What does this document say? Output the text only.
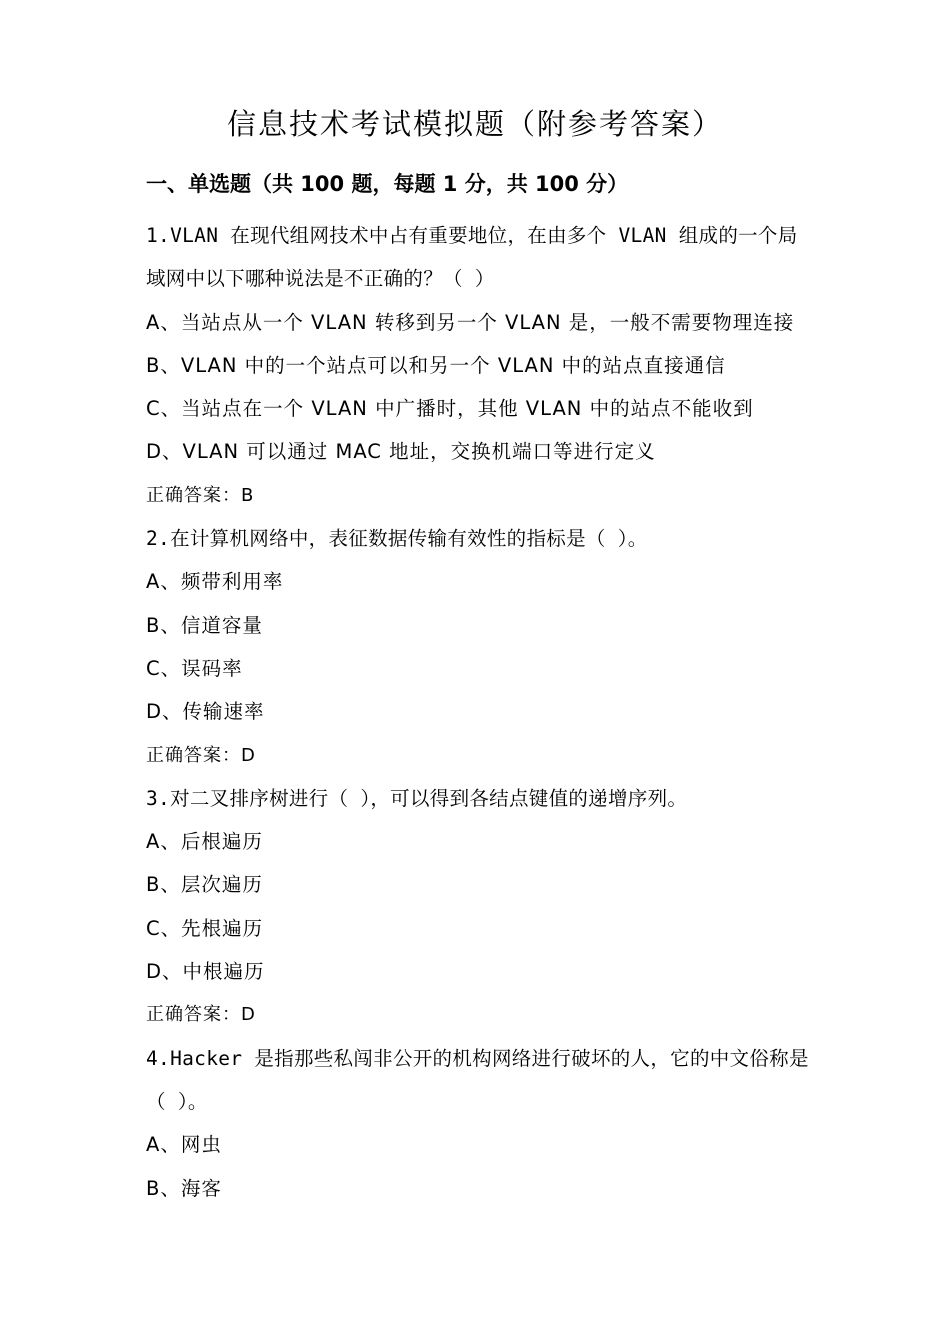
信息技术考试模拟题（附参考答案）
一、单选题（共 100 题，每题 1 分，共 100 分）
1.VLAN 在现代组网技术中占有重要地位，在由多个 VLAN 组成的一个局域网中以下哪种说法是不正确的？（ ）
A、当站点从一个 VLAN 转移到另一个 VLAN 是，一般不需要物理连接
B、VLAN 中的一个站点可以和另一个 VLAN 中的站点直接通信
C、当站点在一个 VLAN 中广播时，其他 VLAN 中的站点不能收到
D、VLAN 可以通过 MAC 地址，交换机端口等进行定义
正确答案：B
2.在计算机网络中，表征数据传输有效性的指标是（ ）。
A、频带利用率
B、信道容量
C、误码率
D、传输速率
正确答案：D
3.对二叉排序树进行（ ），可以得到各结点键值的递增序列。
A、后根遍历
B、层次遍历
C、先根遍历
D、中根遍历
正确答案：D
4.Hacker 是指那些私闯非公开的机构网络进行破坏的人，它的中文俗称是（ ）。
A、网虫
B、海客
